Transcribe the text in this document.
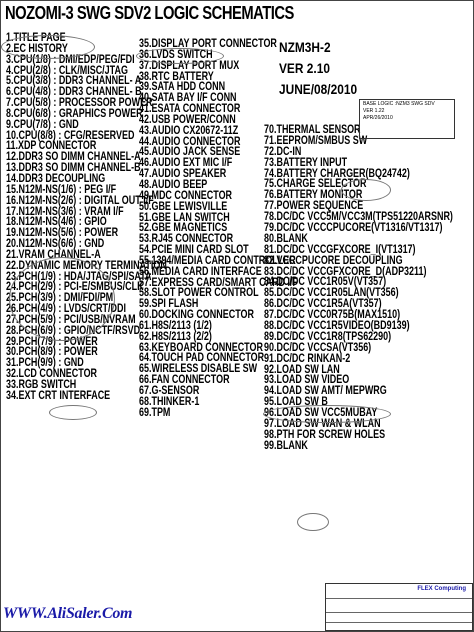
NOZOMI-3 SWG SDV2 LOGIC SCHEMATICS
1.TITLE PAGE
2.EC HISTORY
3.CPU(1/8) : DMI/EDP/PEG/FDI
4.CPU(2/8) : CLK/MISC/JTAG
5.CPU(3/8) : DDR3 CHANNEL- A
6.CPU(4/8) : DDR3 CHANNEL- B
7.CPU(5/8) : PROCESSOR POWER
8.CPU(6/8) : GRAPHICS POWER
9.CPU(7/8) : GND
10.CPU(8/8) : CFG/RESERVED
11.XDP CONNECTOR
12.DDR3 SO DIMM CHANNEL-A
13.DDR3 SO DIMM CHANNEL-B
14.DDR3 DECOUPLING
15.N12M-NS(1/6) : PEG I/F
16.N12M-NS(2/6) : DIGITAL OUT I/F
17.N12M-NS(3/6) : VRAM I/F
18.N12M-NS(4/6) : GPIO
19.N12M-NS(5/6) : POWER
20.N12M-NS(6/6) : GND
21.VRAM CHANNEL-A
22.DYNAMIC MEMORY TERMINATION
23.PCH(1/9) : HDA/JTAG/SPI/SATA
24.PCH(2/9) : PCI-E/SMBUS/CLK
25.PCH(3/9) : DMI/FDI/PM
26.PCH(4/9) : LVDS/CRT/DDI
27.PCH(5/9) : PCI/USB/NVRAM
28.PCH(6/9) : GPIO/NCTF/RSVD
29.PCH(7/9) : POWER
30.PCH(8/9) : POWER
31.PCH(9/9) : GND
32.LCD CONNECTOR
33.RGB SWITCH
34.EXT CRT INTERFACE
35.DISPLAY PORT CONNECTOR
36.LVDS SWITCH
37.DISPLAY PORT MUX
38.RTC BATTERY
39.SATA HDD CONN
40.SATA BAY I/F CONN
41.ESATA CONNECTOR
42.USB POWER/CONN
43.AUDIO CX20672-11Z
44.AUDIO CONNECTOR
45.AUDIO JACK SENSE
46.AUDIO EXT MIC I/F
47.AUDIO SPEAKER
48.AUDIO BEEP
49.MDC CONNECTOR
50.GBE LEWISVILLE
51.GBE LAN SWITCH
52.GBE MAGNETICS
53.RJ45 CONNECTOR
54.PCIE MINI CARD SLOT
55.1394/MEDIA CARD CONTROLLER
56.MEDIA CARD INTERFACE
57.EXPRESS CARD/SMART CARD I/F
58.SLOT POWER CONTROL
59.SPI FLASH
60.DOCKING CONNECTOR
61.H8S/2113 (1/2)
62.H8S/2113 (2/2)
63.KEYBOARD CONNECTOR
64.TOUCH PAD CONNECTOR
65.WIRELESS DISABLE SW
66.FAN CONNECTOR
67.G-SENSOR
68.THINKER-1
69.TPM
70.THERMAL SENSOR
71.EEPROM/SMBUS SW
72.DC-IN
73.BATTERY INPUT
74.BATTERY CHARGER(BQ24742)
75.CHARGE SELECTOR
76.BATTERY MONITOR
77.POWER SEQUENCE
78.DC/DC VCC5M/VCC3M(TPS51220ARSNR)
79.DC/DC VCCCPUCORE(VT1316/VT1317)
80.BLANK
81.DC/DC VCCGFXCORE_I(VT1317)
82.VCCCPUCORE DECOUPLING
83.DC/DC VCCGFXCORE_D(ADP3211)
84.DC/DC VCC1R05V(VT357)
85.DC/DC VCC1R05LAN(VT356)
86.DC/DC VCC1R5A(VT357)
87.DC/DC VCC0R75B(MAX1510)
88.DC/DC VCC1R5VIDEO(BD9139)
89.DC/DC VCC1R8(TPS62290)
90.DC/DC VCCSA(VT356)
91.DC/DC RINKAN-2
92.LOAD SW LAN
93.LOAD SW VIDEO
94.LOAD SW AMT/ MEPWRG
95.LOAD SW B
96.LOAD SW VCC5MUBAY
97.LOAD SW WAN & WLAN
98.PTH FOR SCREW HOLES
99.BLANK
NZM3H-2
VER 2.10
JUNE/08/2010
BASE LOGIC :NZM3 SWG SDV
VER 1.22
APR/26/2010
WWW.AliSaler.Com
FLEX Computing
